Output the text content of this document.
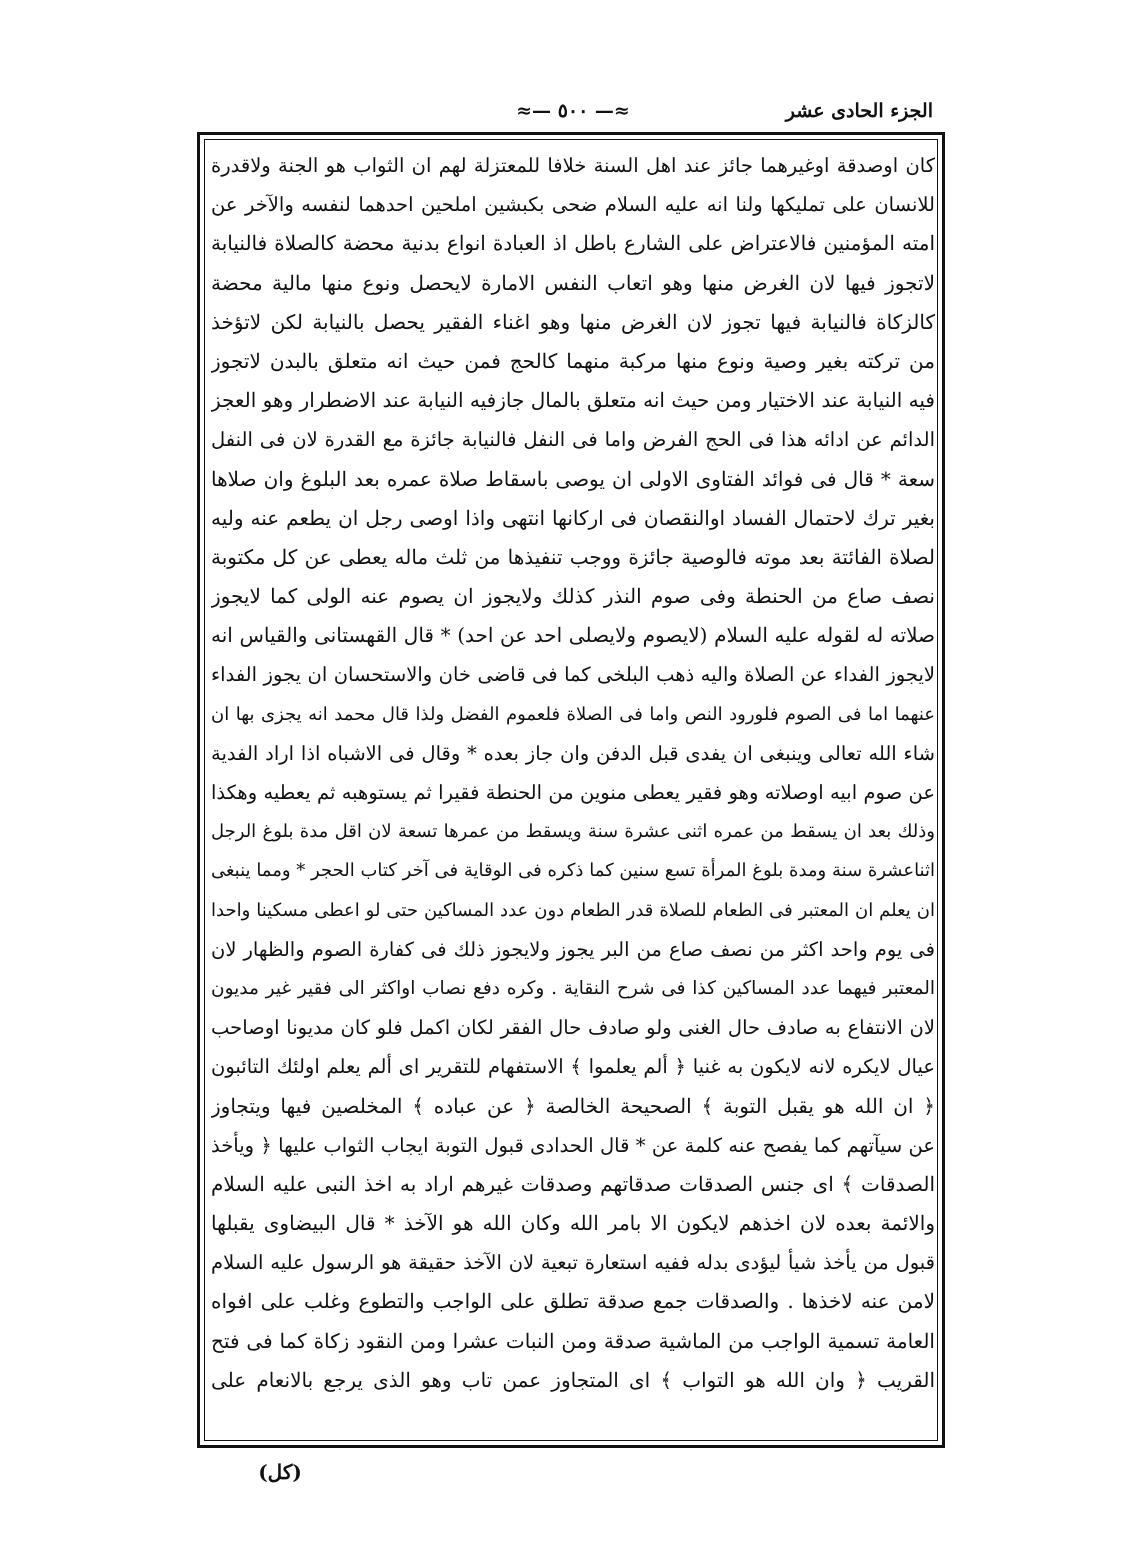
الجزء الحادى عشر
≈— ٥٠٠ —≈
كان اوصدقة اوغيرهما جائز عند اهل السنة خلافا للمعتزلة لهم ان الثواب هو الجنة ولاقدرة
للانسان على تمليكها ولنا انه عليه السلام ضحى بكبشين املحين احدهما لنفسه والآخر عن
امته المؤمنين فالاعتراض على الشارع باطل اذ العبادة انواع بدنية محضة كالصلاة فالنيابة
لاتجوز فيها لان الغرض منها وهو اتعاب النفس الامارة لايحصل ونوع منها مالية محضة
كالزكاة فالنيابة فيها تجوز لان الغرض منها وهو اغناء الفقير يحصل بالنيابة لكن لاتؤخذ
من تركته بغير وصية ونوع منها مركبة منهما كالحج فمن حيث انه متعلق بالبدن لاتجوز
فيه النيابة عند الاختيار ومن حيث انه متعلق بالمال جازفيه النيابة عند الاضطرار وهو العجز
الدائم عن ادائه هذا فى الحج الفرض واما فى النفل فالنيابة جائزة مع القدرة لان فى النفل
سعة * قال فى فوائد الفتاوى الاولى ان يوصى باسقاط صلاة عمره بعد البلوغ وان صلاها
بغير ترك لاحتمال الفساد اوالنقصان فى اركانها انتهى واذا اوصى رجل ان يطعم عنه وليه
لصلاة الفائتة بعد موته فالوصية جائزة ووجب تنفيذها من ثلث ماله يعطى عن كل مكتوبة
نصف صاع من الحنطة وفى صوم النذر كذلك ولايجوز ان يصوم عنه الولى كما لايجوز
صلاته له لقوله عليه السلام (لايصوم ولايصلى احد عن احد) * قال القهستانى والقياس انه
لايجوز الفداء عن الصلاة واليه ذهب البلخى كما فى قاضى خان والاستحسان ان يجوز الفداء
عنهما اما فى الصوم فلورود النص واما فى الصلاة فلعموم الفضل ولذا قال محمد انه يجزى بها ان
شاء الله تعالى وينبغى ان يفدى قبل الدفن وان جاز بعده * وقال فى الاشباه اذا اراد الفدية
عن صوم ابيه اوصلاته وهو فقير يعطى منوين من الحنطة فقيرا ثم يستوهبه ثم يعطيه وهكذا
وذلك بعد ان يسقط من عمره اثنى عشرة سنة ويسقط من عمرها تسعة لان اقل مدة بلوغ الرجل
اثناعشرة سنة ومدة بلوغ المرأة تسع سنين كما ذكره فى الوقاية فى آخر كتاب الحجر * ومما ينبغى
ان يعلم ان المعتبر فى الطعام للصلاة قدر الطعام دون عدد المساكين حتى لو اعطى مسكينا واحدا
فى يوم واحد اكثر من نصف صاع من البر يجوز ولايجوز ذلك فى كفارة الصوم والظهار لان
المعتبر فيهما عدد المساكين كذا فى شرح النقاية . وكره دفع نصاب اواكثر الى فقير غير مديون
لان الانتفاع به صادف حال الغنى ولو صادف حال الفقر لكان اكمل فلو كان مديونا اوصاحب
عيال لايكره لانه لايكون به غنيا ﴿ ألم يعلموا ﴾ الاستفهام للتقرير اى ألم يعلم اولئك التائبون
﴿ ان الله هو يقبل التوبة ﴾ الصحيحة الخالصة ﴿ عن عباده ﴾ المخلصين فيها ويتجاوز
عن سيآتهم كما يفصح عنه كلمة عن * قال الحدادى قبول التوبة ايجاب الثواب عليها ﴿ ويأخذ
الصدقات ﴾ اى جنس الصدقات صدقاتهم وصدقات غيرهم اراد به اخذ النبى عليه السلام
والائمة بعده لان اخذهم لايكون الا بامر الله وكان الله هو الآخذ * قال البيضاوى يقبلها
قبول من يأخذ شيأ ليؤدى بدله ففيه استعارة تبعية لان الآخذ حقيقة هو الرسول عليه السلام
لامن عنه لاخذها . والصدقات جمع صدقة تطلق على الواجب والتطوع وغلب على افواه
العامة تسمية الواجب من الماشية صدقة ومن النبات عشرا ومن النقود زكاة كما فى فتح
القريب ﴿ وان الله هو التواب ﴾ اى المتجاوز عمن تاب وهو الذى يرجع بالانعام على
(كل)
